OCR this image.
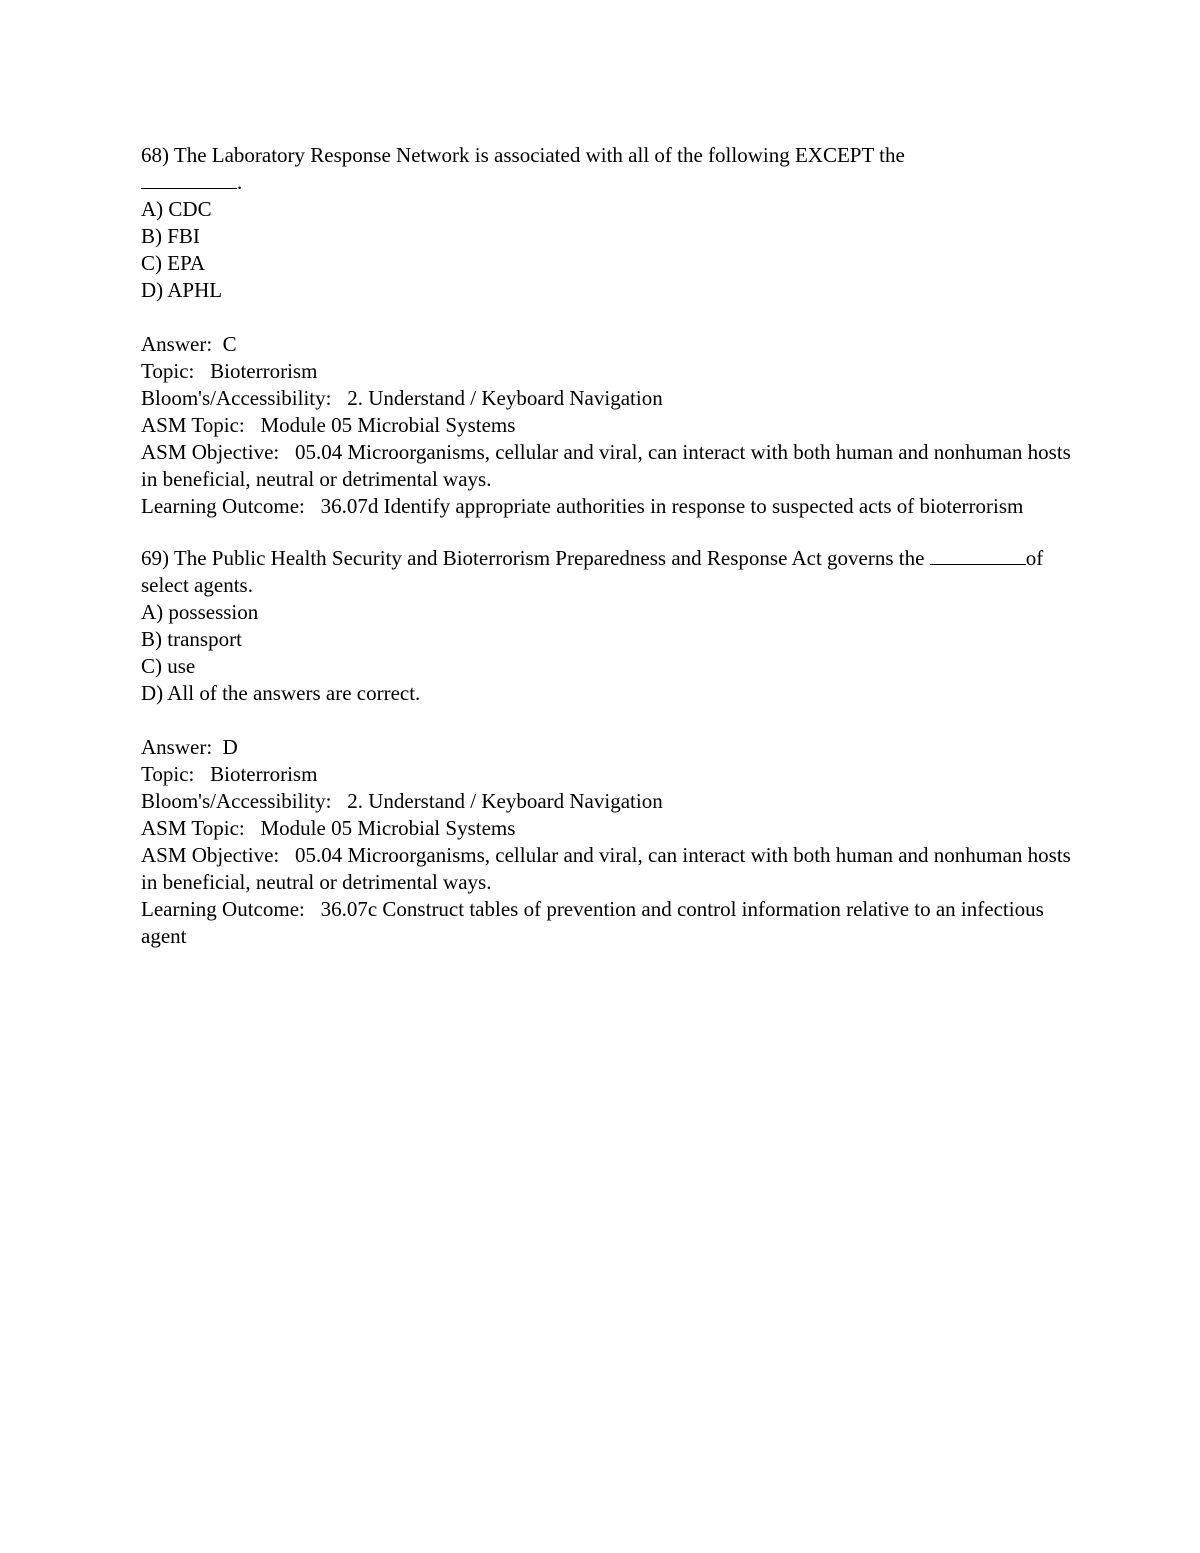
68) The Laboratory Response Network is associated with all of the following EXCEPT the
.
A) CDC
B) FBI
C) EPA
D) APHL
Answer: C
Topic: Bioterrorism
Bloom's/Accessibility: 2. Understand / Keyboard Navigation
ASM Topic: Module 05 Microbial Systems
ASM Objective: 05.04 Microorganisms, cellular and viral, can interact with both human and nonhuman hosts in beneficial, neutral or detrimental ways.
Learning Outcome: 36.07d Identify appropriate authorities in response to suspected acts of bioterrorism
69) The Public Health Security and Bioterrorism Preparedness and Response Act governs the	of select agents.
A) possession
B) transport
C) use
D) All of the answers are correct.
Answer: D
Topic: Bioterrorism
Bloom's/Accessibility: 2. Understand / Keyboard Navigation
ASM Topic: Module 05 Microbial Systems
ASM Objective: 05.04 Microorganisms, cellular and viral, can interact with both human and nonhuman hosts in beneficial, neutral or detrimental ways.
Learning Outcome: 36.07c Construct tables of prevention and control information relative to an infectious agent
